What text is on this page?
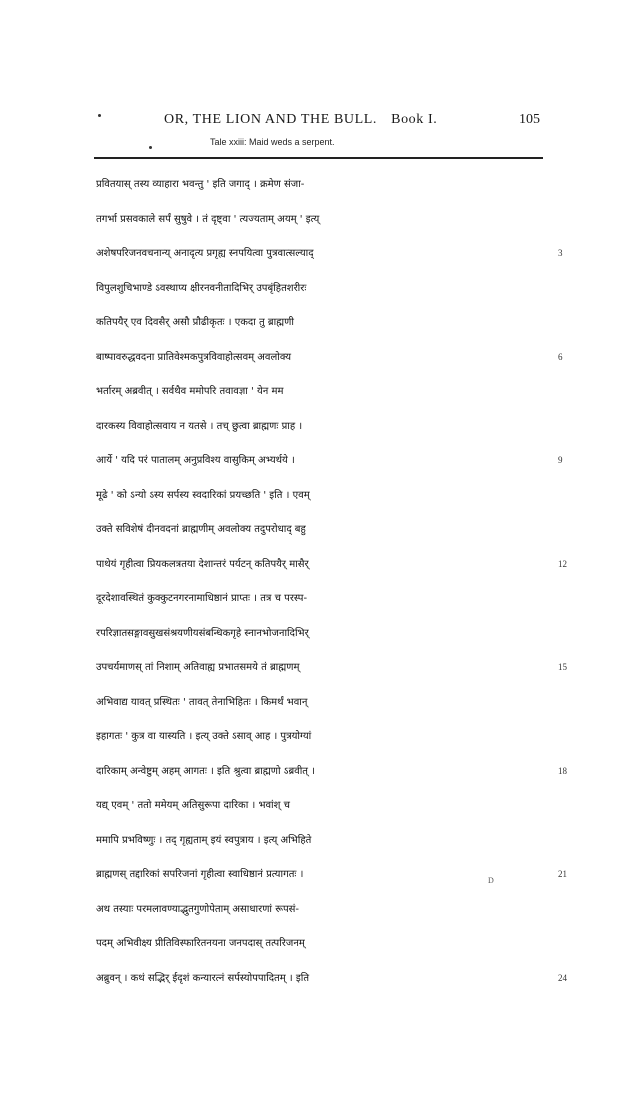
OR, THE LION AND THE BULL. Book I.	105
Tale xxiii: Maid weds a serpent.
प्रवितयास् तस्य व्याहारा भवन्तु ' इति जगाद् । क्रमेण संजा-
तगर्भा प्रसवकाले सर्पं सुषुवे । तं दृष्ट्वा ' त्यज्यताम् अयम् ' इत्य्
अशेषपरिजनवचनान्य् अनादृत्य प्रगृह्य स्नपयित्वा पुत्रवात्सल्याद्
विपुलशुचिभाण्डे ऽवस्थाप्य क्षीरनवनीतादिभिर् उपबृंहितशरीरः
कतिपयैर् एव दिवसैर् असौ प्रौढीकृतः । एकदा तु ब्राह्मणी
बाष्पावरुद्धवदना प्रातिवेश्मकपुत्रविवाहोत्सवम् अवलोक्य
भर्तारम् अब्रवीत् । सर्वथैव ममोपरि तवावज्ञा ' येन मम
दारकस्य विवाहोत्सवाय न यतसे । तच् छुत्वा ब्राह्मणः प्राह ।
आर्ये ' यदि परं पातालम् अनुप्रविश्य वासुकिम् अभ्यर्थये ।
मूढे ' को ऽन्यो ऽस्य सर्पस्य स्वदारिकां प्रयच्छति ' इति । एवम्
उक्ते सविशेषं दीनवदनां ब्राह्मणीम् अवलोक्य तदुपरोधाद् बहु
पाथेयं गृहीत्वा प्रियकलत्रतया देशान्तरं पर्यटन् कतिपयैर् मासैर्
दूरदेशावस्थितं कुक्कुटनगरनामाधिष्ठानं प्राप्तः । तत्र च परस्प-
रपरिज्ञातसङ्गावसुखसंश्रयणीयसंबन्धिकगृहे स्नानभोजनादिभिर्
उपचर्यमाणस् तां निशाम् अतिवाह्य प्रभातसमये तं ब्राह्मणम्
अभिवाद्य यावत् प्रस्थितः ' तावत् तेनाभिहितः । किमर्थं भवान्
इहागतः ' कुत्र वा यास्यति । इत्य् उक्ते ऽसाव् आह । पुत्रयोग्यां
दारिकाम् अन्वेष्टुम् अहम् आगतः । इति श्रुत्वा ब्राह्मणो ऽब्रवीत् ।
यद्य् एवम् ' ततो ममेयम् अतिसुरूपा दारिका । भवांश् च
ममापि प्रभविष्णुः । तद् गृह्यताम् इयं स्वपुत्राय । इत्य् अभिहिते
ब्राह्मणस् तद्दारिकां सपरिजनां गृहीत्वा स्वाधिष्ठानं प्रत्यागतः ।
अथ तस्याः परमलावण्याद्भुतगुणोपेताम् असाधारणां रूपसं-
पदम् अभिवीक्ष्य प्रीतिविस्फारितनयना जनपदास् तत्परिजनम्
अब्रुवन् । कथं सद्भिर् ईदृशं कन्यारत्नं सर्पस्योपपादितम् । इति
3
6
9
12
15
18
21
24
D
